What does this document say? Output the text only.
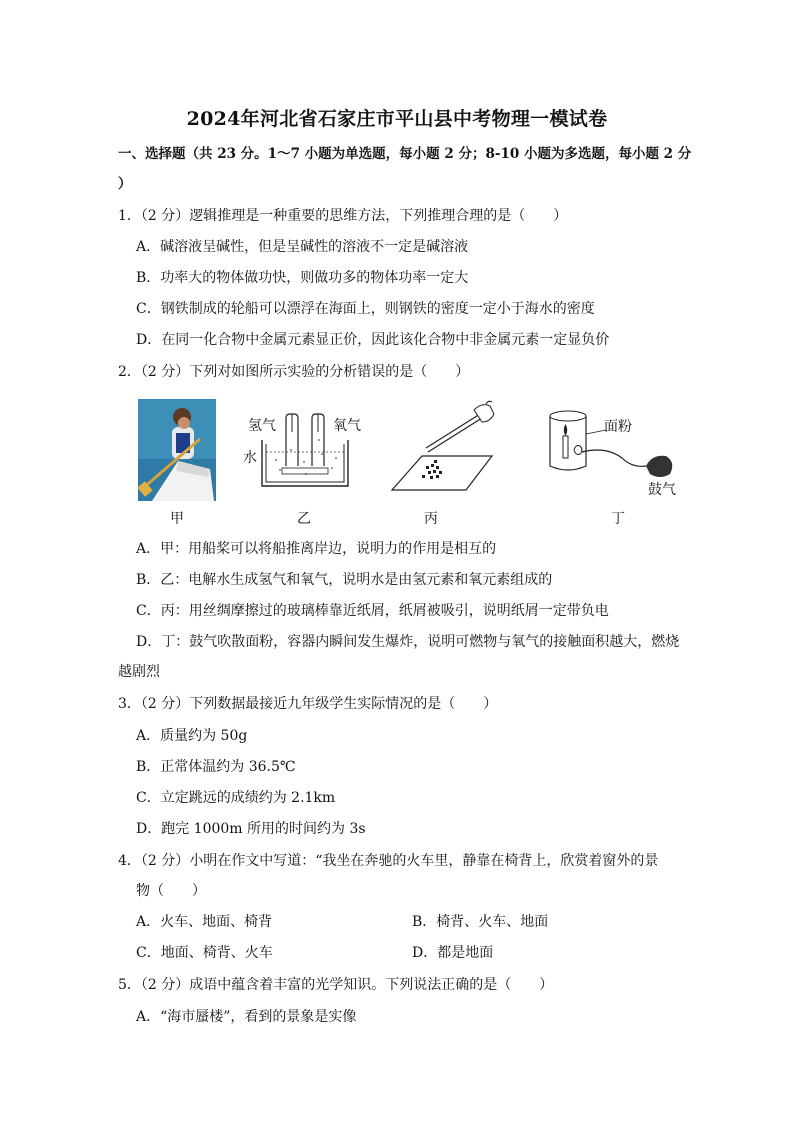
2024年河北省石家庄市平山县中考物理一模试卷
一、选择题（共 23 分。1～7 小题为单选题，每小题 2 分；8-10 小题为多选题，每小题 2 分
）
1．（2 分）逻辑推理是一种重要的思维方法，下列推理合理的是（　　）
A．碱溶液呈碱性，但是呈碱性的溶液不一定是碱溶液
B．功率大的物体做功快，则做功多的物体功率一定大
C．钢铁制成的轮船可以漂浮在海面上，则钢铁的密度一定小于海水的密度
D．在同一化合物中金属元素显正价，因此该化合物中非金属元素一定显负价
2．（2 分）下列对如图所示实验的分析错误的是（　　）
氢气	氧气
水
面粉
鼓气
甲	乙	丙	丁
A．甲：用船桨可以将船推离岸边，说明力的作用是相互的
B．乙：电解水生成氢气和氧气，说明水是由氢元素和氧元素组成的
C．丙：用丝绸摩擦过的玻璃棒靠近纸屑，纸屑被吸引，说明纸屑一定带负电
D．丁：鼓气吹散面粉，容器内瞬间发生爆炸，说明可燃物与氧气的接触面积越大，燃烧
越剧烈
3．（2 分）下列数据最接近九年级学生实际情况的是（　　）
A．质量约为 50g
B．正常体温约为 36.5℃
C．立定跳远的成绩约为 2.1km
D．跑完 1000m 所用的时间约为 3s
4．（2 分）小明在作文中写道：“我坐在奔驰的火车里，静靠在椅背上，欣赏着窗外的景
物（　　）
A．火车、地面、椅背	B．椅背、火车、地面
C．地面、椅背、火车	D．都是地面
5．（2 分）成语中蕴含着丰富的光学知识。下列说法正确的是（　　）
A．“海市蜃楼”，看到的景象是实像
